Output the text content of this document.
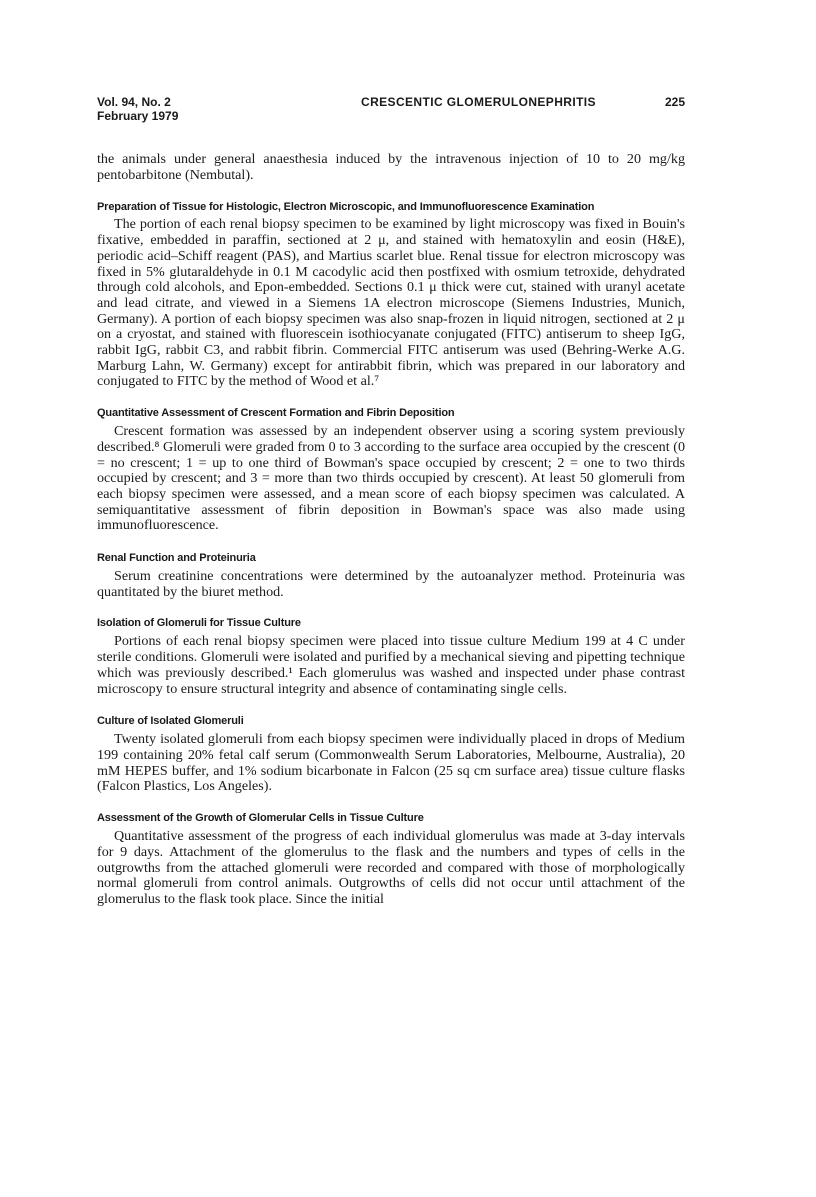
Vol. 94, No. 2
February 1979
CRESCENTIC GLOMERULONEPHRITIS	225

the animals under general anaesthesia induced by the intravenous injection of 10 to 20 mg/kg pentobarbitone (Nembutal).

Preparation of Tissue for Histologic, Electron Microscopic, and Immunofluorescence Examination

The portion of each renal biopsy specimen to be examined by light microscopy was fixed in Bouin's fixative, embedded in paraffin, sectioned at 2 μ, and stained with hematoxylin and eosin (H&E), periodic acid–Schiff reagent (PAS), and Martius scarlet blue. Renal tissue for electron microscopy was fixed in 5% glutaraldehyde in 0.1 M cacodylic acid then postfixed with osmium tetroxide, dehydrated through cold alcohols, and Epon-embedded. Sections 0.1 μ thick were cut, stained with uranyl acetate and lead citrate, and viewed in a Siemens 1A electron microscope (Siemens Industries, Munich, Germany). A portion of each biopsy specimen was also snap-frozen in liquid nitrogen, sectioned at 2 μ on a cryostat, and stained with fluorescein isothiocyanate conjugated (FITC) antiserum to sheep IgG, rabbit IgG, rabbit C3, and rabbit fibrin. Commercial FITC antiserum was used (Behring-Werke A.G. Marburg Lahn, W. Germany) except for antirabbit fibrin, which was prepared in our laboratory and conjugated to FITC by the method of Wood et al.⁷

Quantitative Assessment of Crescent Formation and Fibrin Deposition

Crescent formation was assessed by an independent observer using a scoring system previously described.⁸ Glomeruli were graded from 0 to 3 according to the surface area occupied by the crescent (0 = no crescent; 1 = up to one third of Bowman's space occupied by crescent; 2 = one to two thirds occupied by crescent; and 3 = more than two thirds occupied by crescent). At least 50 glomeruli from each biopsy specimen were assessed, and a mean score of each biopsy specimen was calculated. A semiquantitative assessment of fibrin deposition in Bowman's space was also made using immunofluorescence.

Renal Function and Proteinuria

Serum creatinine concentrations were determined by the autoanalyzer method. Proteinuria was quantitated by the biuret method.

Isolation of Glomeruli for Tissue Culture

Portions of each renal biopsy specimen were placed into tissue culture Medium 199 at 4 C under sterile conditions. Glomeruli were isolated and purified by a mechanical sieving and pipetting technique which was previously described.¹ Each glomerulus was washed and inspected under phase contrast microscopy to ensure structural integrity and absence of contaminating single cells.

Culture of Isolated Glomeruli

Twenty isolated glomeruli from each biopsy specimen were individually placed in drops of Medium 199 containing 20% fetal calf serum (Commonwealth Serum Laboratories, Melbourne, Australia), 20 mM HEPES buffer, and 1% sodium bicarbonate in Falcon (25 sq cm surface area) tissue culture flasks (Falcon Plastics, Los Angeles).

Assessment of the Growth of Glomerular Cells in Tissue Culture

Quantitative assessment of the progress of each individual glomerulus was made at 3-day intervals for 9 days. Attachment of the glomerulus to the flask and the numbers and types of cells in the outgrowths from the attached glomeruli were recorded and compared with those of morphologically normal glomeruli from control animals. Outgrowths of cells did not occur until attachment of the glomerulus to the flask took place. Since the initial
